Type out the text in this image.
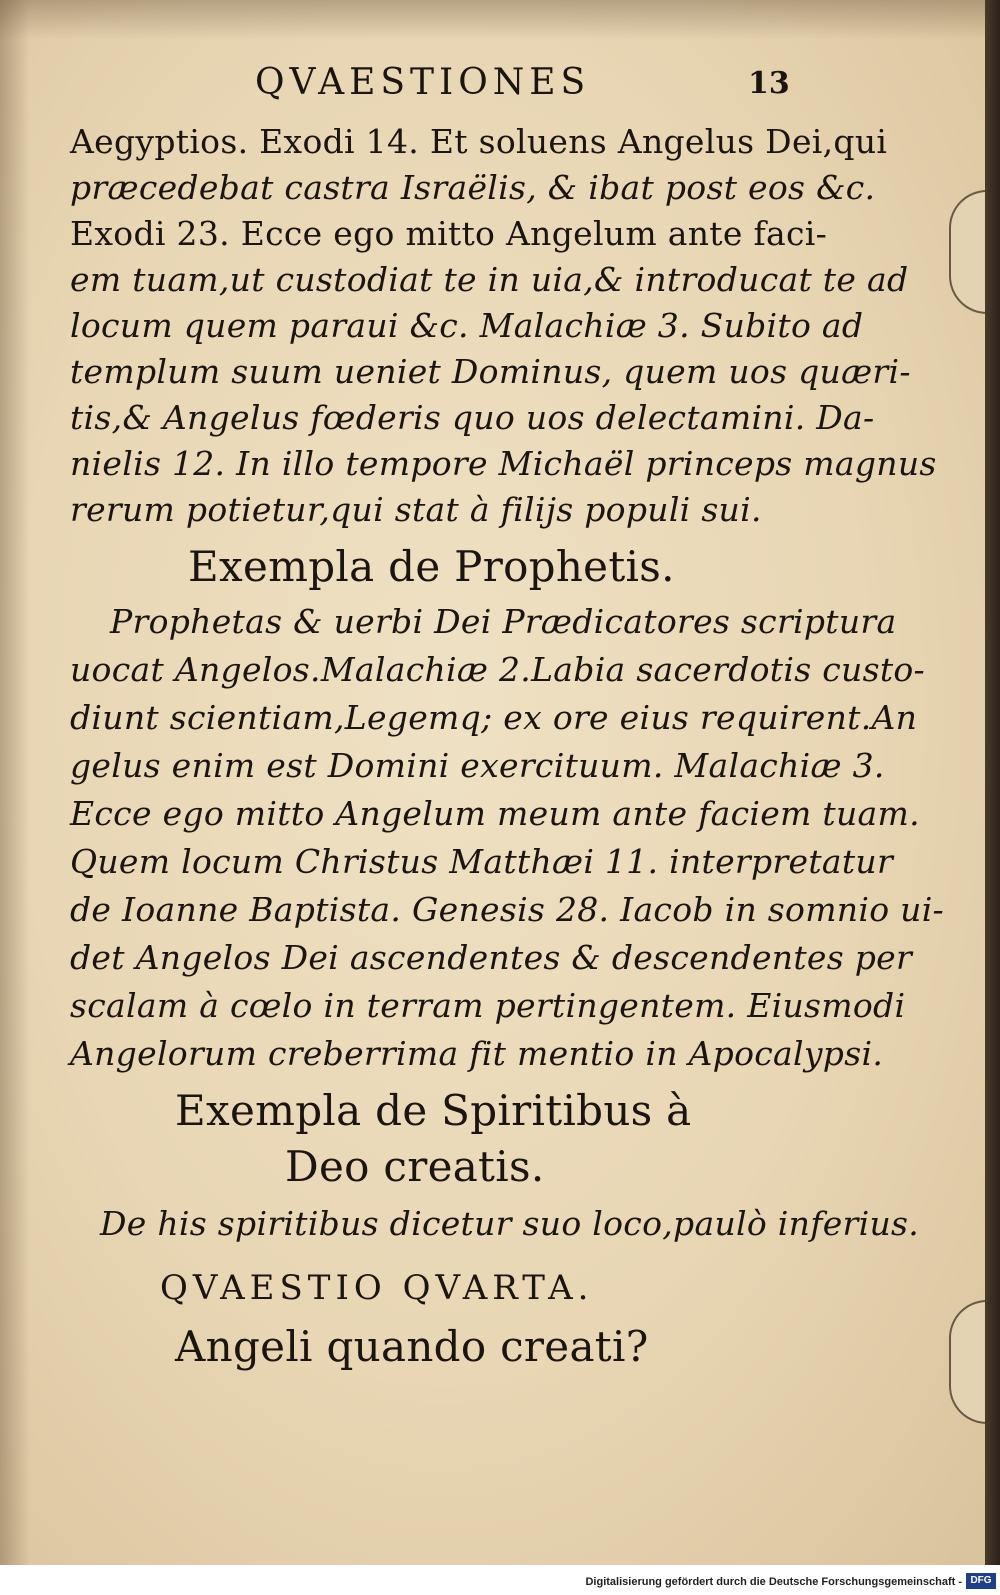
QVAESTIONES	13
Aegyptios. Exodi 14. Et soluens Angelus Dei,qui
præcedebat castra Israëlis, & ibat post eos &c.
Exodi 23. Ecce ego mitto Angelum ante faci-
em tuam,ut custodiat te in uia,& introducat te ad
locum quem paraui &c. Malachiæ 3. Subito ad
templum suum ueniet Dominus, quem uos quæri-
tis,& Angelus fœderis quo uos delectamini. Da-
nielis 12. In illo tempore Michaël princeps magnus
rerum potietur,qui stat à filijs populi sui.
Exempla de Prophetis.
Prophetas & uerbi Dei Prædicatores scriptura
uocat Angelos.Malachiæ 2.Labia sacerdotis custo-
diunt scientiam,Legemq; ex ore eius requirent.An
gelus enim est Domini exercituum. Malachiæ 3.
Ecce ego mitto Angelum meum ante faciem tuam.
Quem locum Christus Matthæi 11. interpretatur
de Ioanne Baptista. Genesis 28. Iacob in somnio ui-
det Angelos Dei ascendentes & descendentes per
scalam à cœlo in terram pertingentem. Eiusmodi
Angelorum creberrima fit mentio in Apocalypsi.
Exempla de Spiritibus à
Deo creatis.
De his spiritibus dicetur suo loco,paulò inferius.
QVAESTIO QVARTA.
Angeli quando creati?
Digitalisierung gefördert durch die Deutsche Forschungsgemeinschaft - DFG
